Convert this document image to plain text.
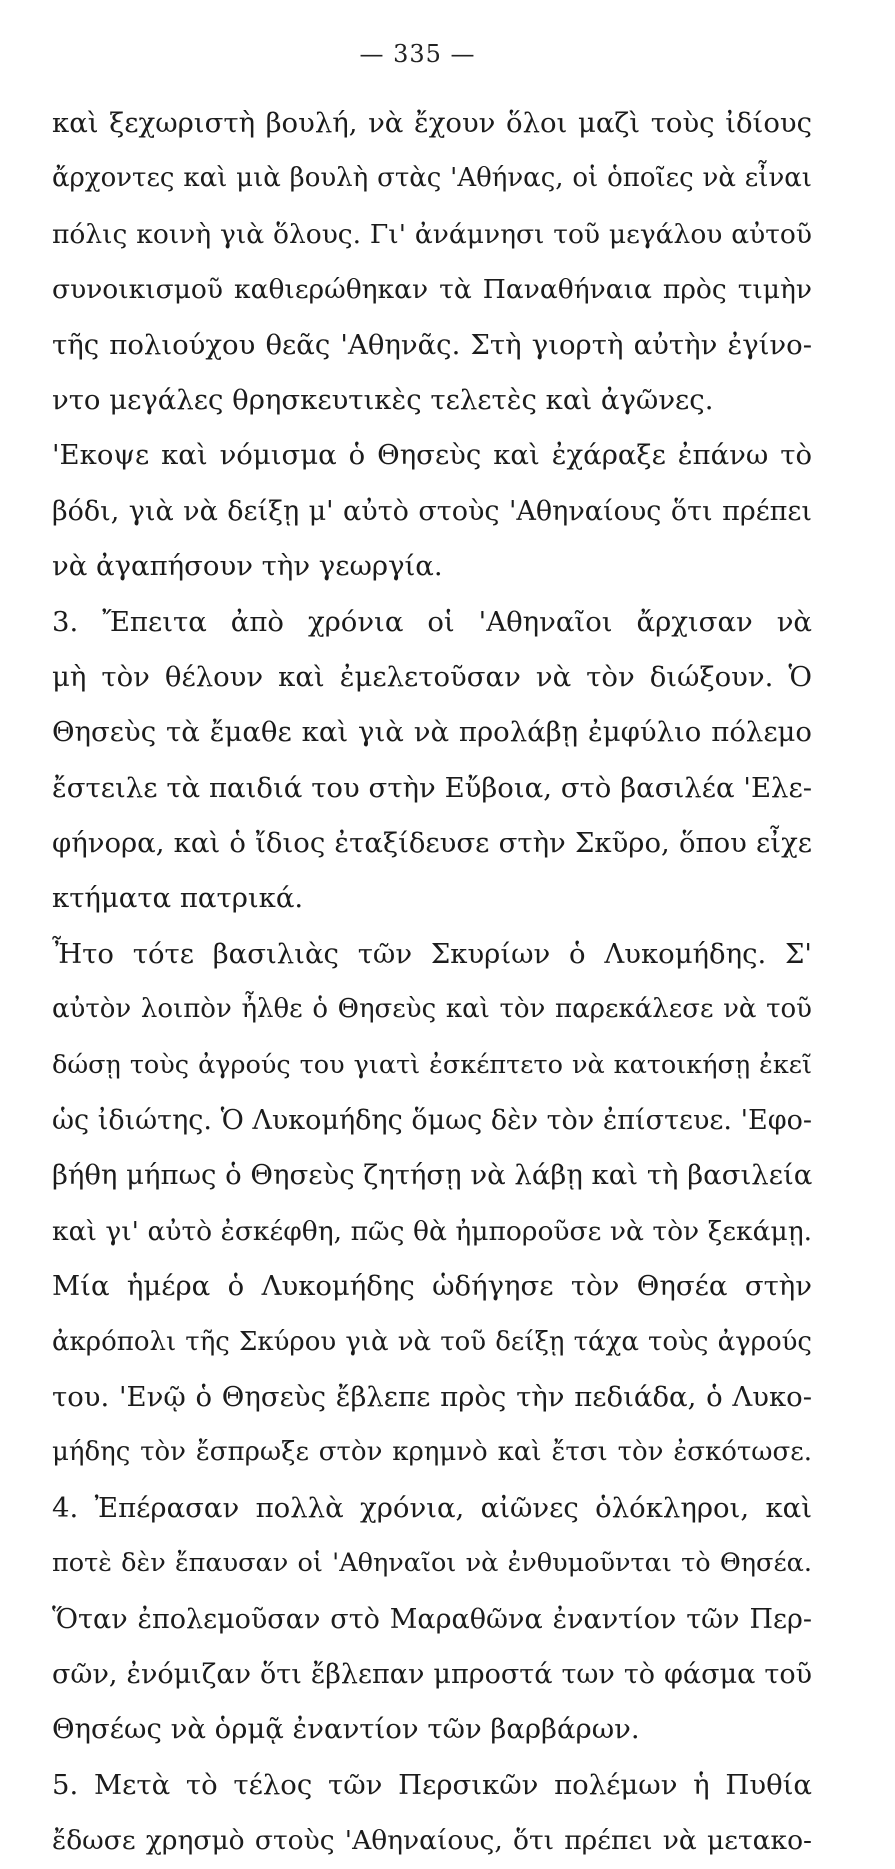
— 335 —
καὶ ξεχωριστὴ βουλή, νὰ ἔχουν ὅλοι μαζὶ τοὺς ἰδίους
ἄρχοντες καὶ μιὰ βουλὴ στὰς 'Αθήνας, οἱ ὁποῖες νὰ εἶναι
πόλις κοινὴ γιὰ ὅλους. Γι' ἀνάμνησι τοῦ μεγάλου αὐτοῦ
συνοικισμοῦ καθιερώθηκαν τὰ Παναθήναια πρὸς τιμὴν
τῆς πολιούχου θεᾶς 'Αθηνᾶς. Στὴ γιορτὴ αὐτὴν ἐγίνο-
ντο μεγάλες θρησκευτικὲς τελετὲς καὶ ἀγῶνες.
'Εκοψε καὶ νόμισμα ὁ Θησεὺς καὶ ἐχάραξε ἐπάνω τὸ
βόδι, γιὰ νὰ δείξῃ μ' αὐτὸ στοὺς 'Αθηναίους ὅτι πρέπει
νὰ ἀγαπήσουν τὴν γεωργία.
3. Ἔπειτα ἀπὸ χρόνια οἱ 'Αθηναῖοι ἄρχισαν νὰ
μὴ τὸν θέλουν καὶ ἐμελετοῦσαν νὰ τὸν διώξουν. Ὁ
Θησεὺς τὰ ἔμαθε καὶ γιὰ νὰ προλάβῃ ἐμφύλιο πόλεμο
ἔστειλε τὰ παιδιά του στὴν Εὔβοια, στὸ βασιλέα 'Ελε-
φήνορα, καὶ ὁ ἴδιος ἐταξίδευσε στὴν Σκῦρο, ὅπου εἶχε
κτήματα πατρικά.
Ἦτο τότε βασιλιὰς τῶν Σκυρίων ὁ Λυκομήδης. Σ'
αὐτὸν λοιπὸν ἦλθε ὁ Θησεὺς καὶ τὸν παρεκάλεσε νὰ τοῦ
δώσῃ τοὺς ἀγρούς του γιατὶ ἐσκέπτετο νὰ κατοικήσῃ ἐκεῖ
ὡς ἰδιώτης. Ὁ Λυκομήδης ὅμως δὲν τὸν ἐπίστευε. 'Εφο-
βήθη μήπως ὁ Θησεὺς ζητήσῃ νὰ λάβῃ καὶ τὴ βασιλεία
καὶ γι' αὐτὸ ἐσκέφθη, πῶς θὰ ἠμποροῦσε νὰ τὸν ξεκάμῃ.
Μία ἡμέρα ὁ Λυκομήδης ὡδήγησε τὸν Θησέα στὴν
ἀκρόπολι τῆς Σκύρου γιὰ νὰ τοῦ δείξῃ τάχα τοὺς ἀγρούς
του. 'Ενῷ ὁ Θησεὺς ἔβλεπε πρὸς τὴν πεδιάδα, ὁ Λυκο-
μήδης τὸν ἔσπρωξε στὸν κρημνὸ καὶ ἔτσι τὸν ἐσκότωσε.
4. Ἐπέρασαν πολλὰ χρόνια, αἰῶνες ὁλόκληροι, καὶ
ποτὲ δὲν ἔπαυσαν οἱ 'Αθηναῖοι νὰ ἐνθυμοῦνται τὸ Θησέα.
Ὅταν ἐπολεμοῦσαν στὸ Μαραθῶνα ἐναντίον τῶν Περ-
σῶν, ἐνόμιζαν ὅτι ἔβλεπαν μπροστά των τὸ φάσμα τοῦ
Θησέως νὰ ὁρμᾷ ἐναντίον τῶν βαρβάρων.
5. Μετὰ τὸ τέλος τῶν Περσικῶν πολέμων ἡ Πυθία
ἔδωσε χρησμὸ στοὺς 'Αθηναίους, ὅτι πρέπει νὰ μετακο-
